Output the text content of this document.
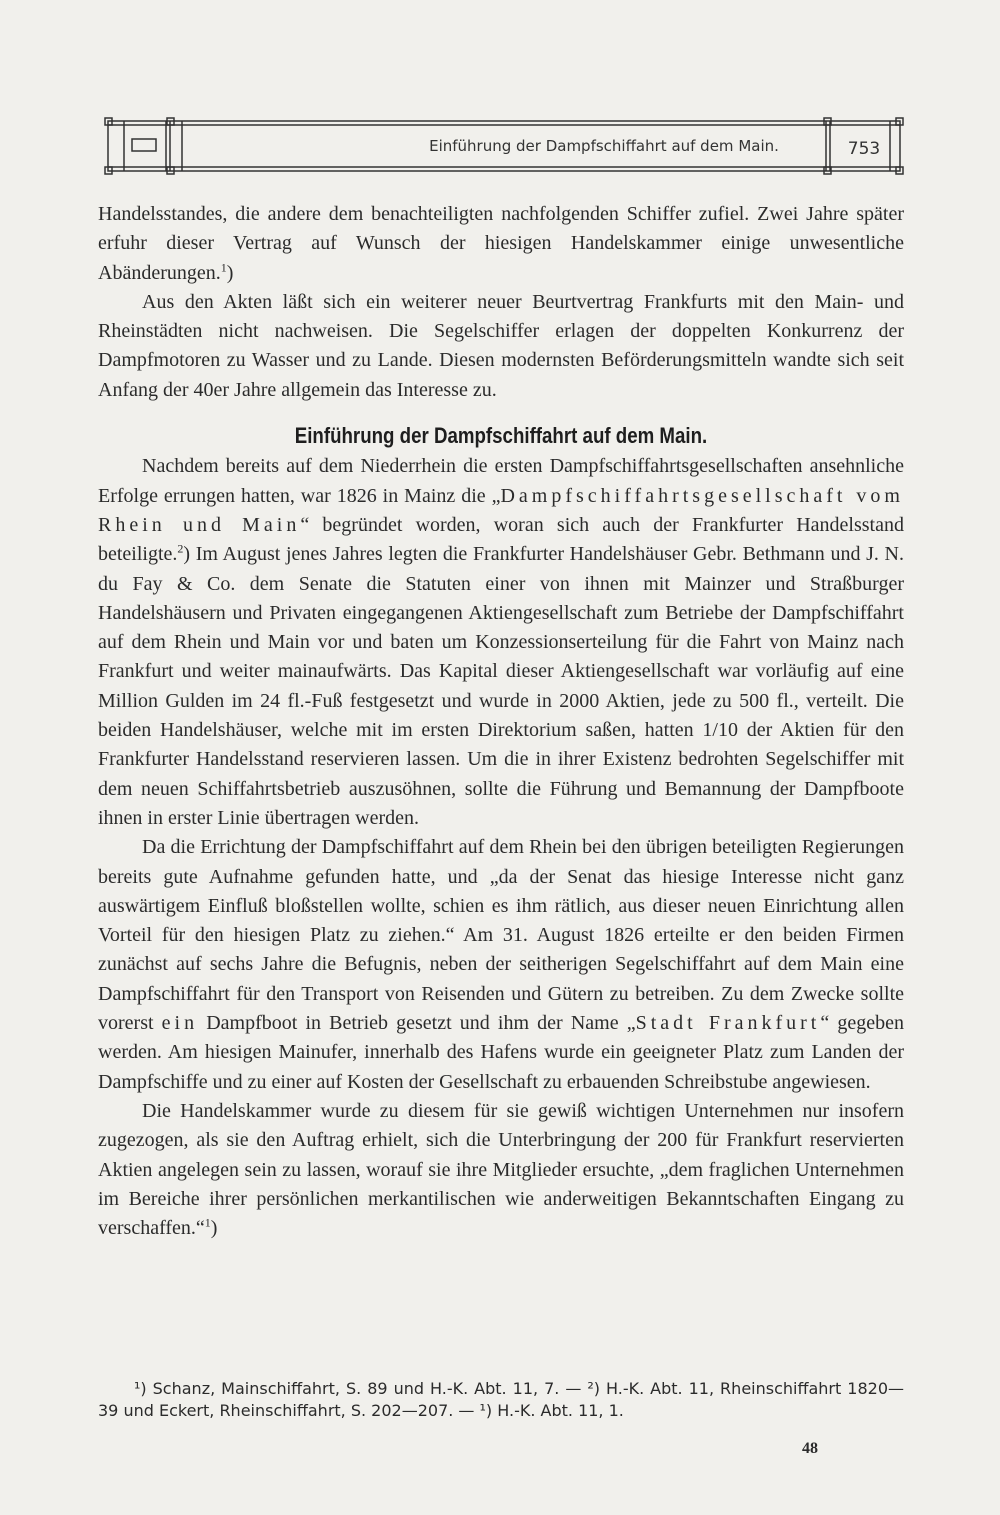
Einführung der Dampfschiffahrt auf dem Main.	753

Handelsstandes, die andere dem benachteiligten nachfolgenden Schiffer zufiel. Zwei Jahre später erfuhr dieser Vertrag auf Wunsch der hiesigen Handelskammer einige unwesentliche Abänderungen.$^1$)

Aus den Akten läßt sich ein weiterer neuer Beurtvertrag Frankfurts mit den Main- und Rheinstädten nicht nachweisen. Die Segelschiffer erlagen der doppelten Konkurrenz der Dampfmotoren zu Wasser und zu Lande. Diesen modernsten Beförderungsmitteln wandte sich seit Anfang der 40er Jahre allgemein das Interesse zu.

Einführung der Dampfschiffahrt auf dem Main.

Nachdem bereits auf dem Niederrhein die ersten Dampfschiffahrtsgesellschaften ansehnliche Erfolge errungen hatten, war 1826 in Mainz die „Dampfschiffahrtsgesellschaft vom Rhein und Main“ begründet worden, woran sich auch der Frankfurter Handelsstand beteiligte.$^2$) Im August jenes Jahres legten die Frankfurter Handelshäuser Gebr. Bethmann und J. N. du Fay & Co. dem Senate die Statuten einer von ihnen mit Mainzer und Straßburger Handelshäusern und Privaten eingegangenen Aktiengesellschaft zum Betriebe der Dampfschiffahrt auf dem Rhein und Main vor und baten um Konzessionserteilung für die Fahrt von Mainz nach Frankfurt und weiter mainaufwärts. Das Kapital dieser Aktiengesellschaft war vorläufig auf eine Million Gulden im 24 fl.-Fuß festgesetzt und wurde in 2000 Aktien, jede zu 500 fl., verteilt. Die beiden Handelshäuser, welche mit im ersten Direktorium saßen, hatten 1/10 der Aktien für den Frankfurter Handelsstand reservieren lassen. Um die in ihrer Existenz bedrohten Segelschiffer mit dem neuen Schiffahrtsbetrieb auszusöhnen, sollte die Führung und Bemannung der Dampfboote ihnen in erster Linie übertragen werden.

Da die Errichtung der Dampfschiffahrt auf dem Rhein bei den übrigen beteiligten Regierungen bereits gute Aufnahme gefunden hatte, und „da der Senat das hiesige Interesse nicht ganz auswärtigem Einfluß bloßstellen wollte, schien es ihm rätlich, aus dieser neuen Einrichtung allen Vorteil für den hiesigen Platz zu ziehen.“ Am 31. August 1826 erteilte er den beiden Firmen zunächst auf sechs Jahre die Befugnis, neben der seitherigen Segelschiffahrt auf dem Main eine Dampfschiffahrt für den Transport von Reisenden und Gütern zu betreiben. Zu dem Zwecke sollte vorerst ein Dampfboot in Betrieb gesetzt und ihm der Name „Stadt Frankfurt“ gegeben werden. Am hiesigen Mainufer, innerhalb des Hafens wurde ein geeigneter Platz zum Landen der Dampfschiffe und zu einer auf Kosten der Gesellschaft zu erbauenden Schreibstube angewiesen.

Die Handelskammer wurde zu diesem für sie gewiß wichtigen Unternehmen nur insofern zugezogen, als sie den Auftrag erhielt, sich die Unterbringung der 200 für Frankfurt reservierten Aktien angelegen sein zu lassen, worauf sie ihre Mitglieder ersuchte, „dem fraglichen Unternehmen im Bereiche ihrer persönlichen merkantilischen wie anderweitigen Bekanntschaften Eingang zu verschaffen.“$^1$)

¹) Schanz, Mainschiffahrt, S. 89 und H.-K. Abt. 11, 7. — ²) H.-K. Abt. 11, Rheinschiffahrt 1820—39 und Eckert, Rheinschiffahrt, S. 202—207. — ¹) H.-K. Abt. 11, 1.

48
